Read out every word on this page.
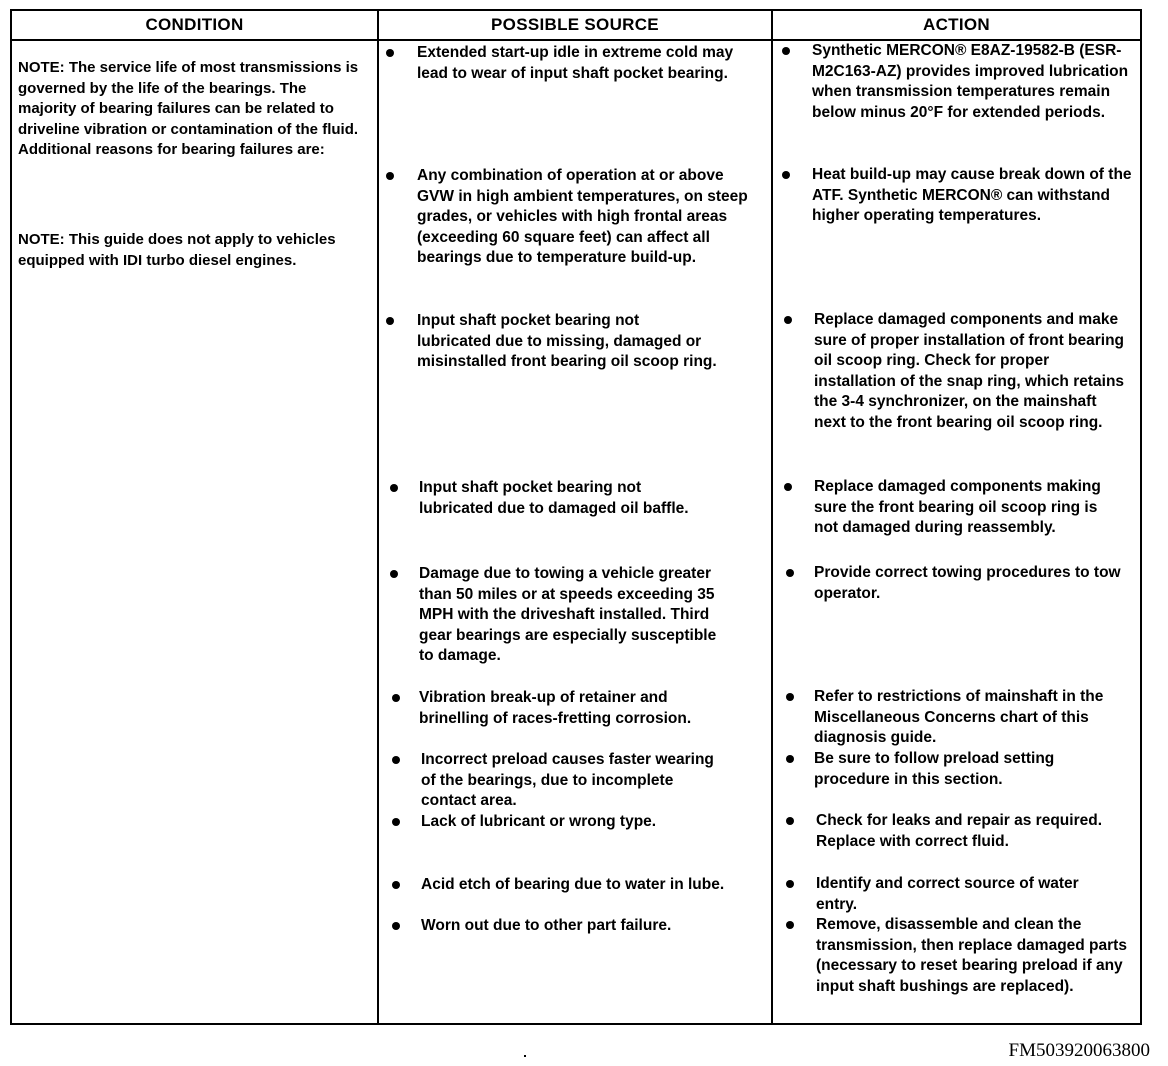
CONDITION	POSSIBLE SOURCE	ACTION
NOTE: The service life of most transmissions is governed by the life of the bearings. The majority of bearing failures can be related to driveline vibration or contamination of the fluid. Additional reasons for bearing failures are:
NOTE: This guide does not apply to vehicles equipped with IDI turbo diesel engines.
Extended start-up idle in extreme cold may lead to wear of input shaft pocket bearing.
Any combination of operation at or above GVW in high ambient temperatures, on steep grades, or vehicles with high frontal areas (exceeding 60 square feet) can affect all bearings due to temperature build-up.
Input shaft pocket bearing not lubricated due to missing, damaged or misinstalled front bearing oil scoop ring.
Input shaft pocket bearing not lubricated due to damaged oil baffle.
Damage due to towing a vehicle greater than 50 miles or at speeds exceeding 35 MPH with the driveshaft installed. Third gear bearings are especially susceptible to damage.
Vibration break-up of retainer and brinelling of races-fretting corrosion.
Incorrect preload causes faster wearing of the bearings, due to incomplete contact area.
Lack of lubricant or wrong type.
Acid etch of bearing due to water in lube.
Worn out due to other part failure.
Synthetic MERCON® E8AZ-19582-B (ESR-M2C163-AZ) provides improved lubrication when transmission temperatures remain below minus 20°F for extended periods.
Heat build-up may cause break down of the ATF. Synthetic MERCON® can withstand higher operating temperatures.
Replace damaged components and make sure of proper installation of front bearing oil scoop ring. Check for proper installation of the snap ring, which retains the 3-4 synchronizer, on the mainshaft next to the front bearing oil scoop ring.
Replace damaged components making sure the front bearing oil scoop ring is not damaged during reassembly.
Provide correct towing procedures to tow operator.
Refer to restrictions of mainshaft in the Miscellaneous Concerns chart of this diagnosis guide.
Be sure to follow preload setting procedure in this section.
Check for leaks and repair as required. Replace with correct fluid.
Identify and correct source of water entry.
Remove, disassemble and clean the transmission, then replace damaged parts (necessary to reset bearing preload if any input shaft bushings are replaced).
FM503920063800
